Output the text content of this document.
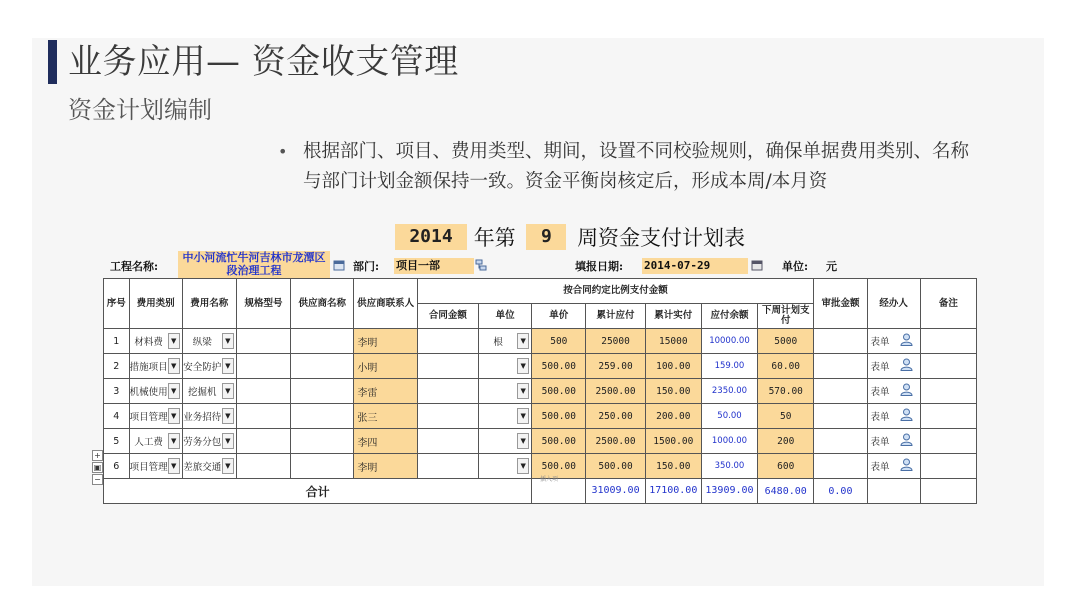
业务应用— 资金收支管理
资金计划编制
• 根据部门、项目、费用类型、期间，设置不同校验规则，确保单据费用类别、名称与部门计划金额保持一致。资金平衡岗核定后，形成本周/本月资
2014 年第 9 周资金支付计划表
工程名称:
中小河流忙牛河吉林市龙潭区段治理工程	部门: 项目一部	填报日期: 2014-07-29	单位: 元
+
▣
−
序号	费用类别	费用名称	规格型号	供应商名称	供应商联系人	按合同约定比例支付金额							审批金额	经办人	备注
						合同金额	单位	单价	累计应付	累计实付	应付余额	下周计划支付			
1	材料费 ▼	纵梁 ▼			李明		根 ▼	500	25000	15000	10000.00	5000		表单	

2	措施项目 ▼	安全防护 ▼			小明		▼	500.00	259.00	100.00	159.00	60.00		表单	

3	机械使用 ▼	挖掘机 ▼			李雷		▼	500.00	2500.00	150.00	2350.00	570.00		表单	

4	项目管理 ▼	业务招待 ▼			张三		▼	500.00	250.00	200.00	50.00	50		表单	

5	人工费 ▼	劳务分包 ▼			李四		▼	500.00	2500.00	1500.00	1000.00	200		表单	

6	项目管理 ▼	差旅交通 ▼			李明		▼	500.00	500.00	150.00	350.00	600		表单	

合计									31009.00	17100.00	13909.00	6480.00	0.00		
插入项
